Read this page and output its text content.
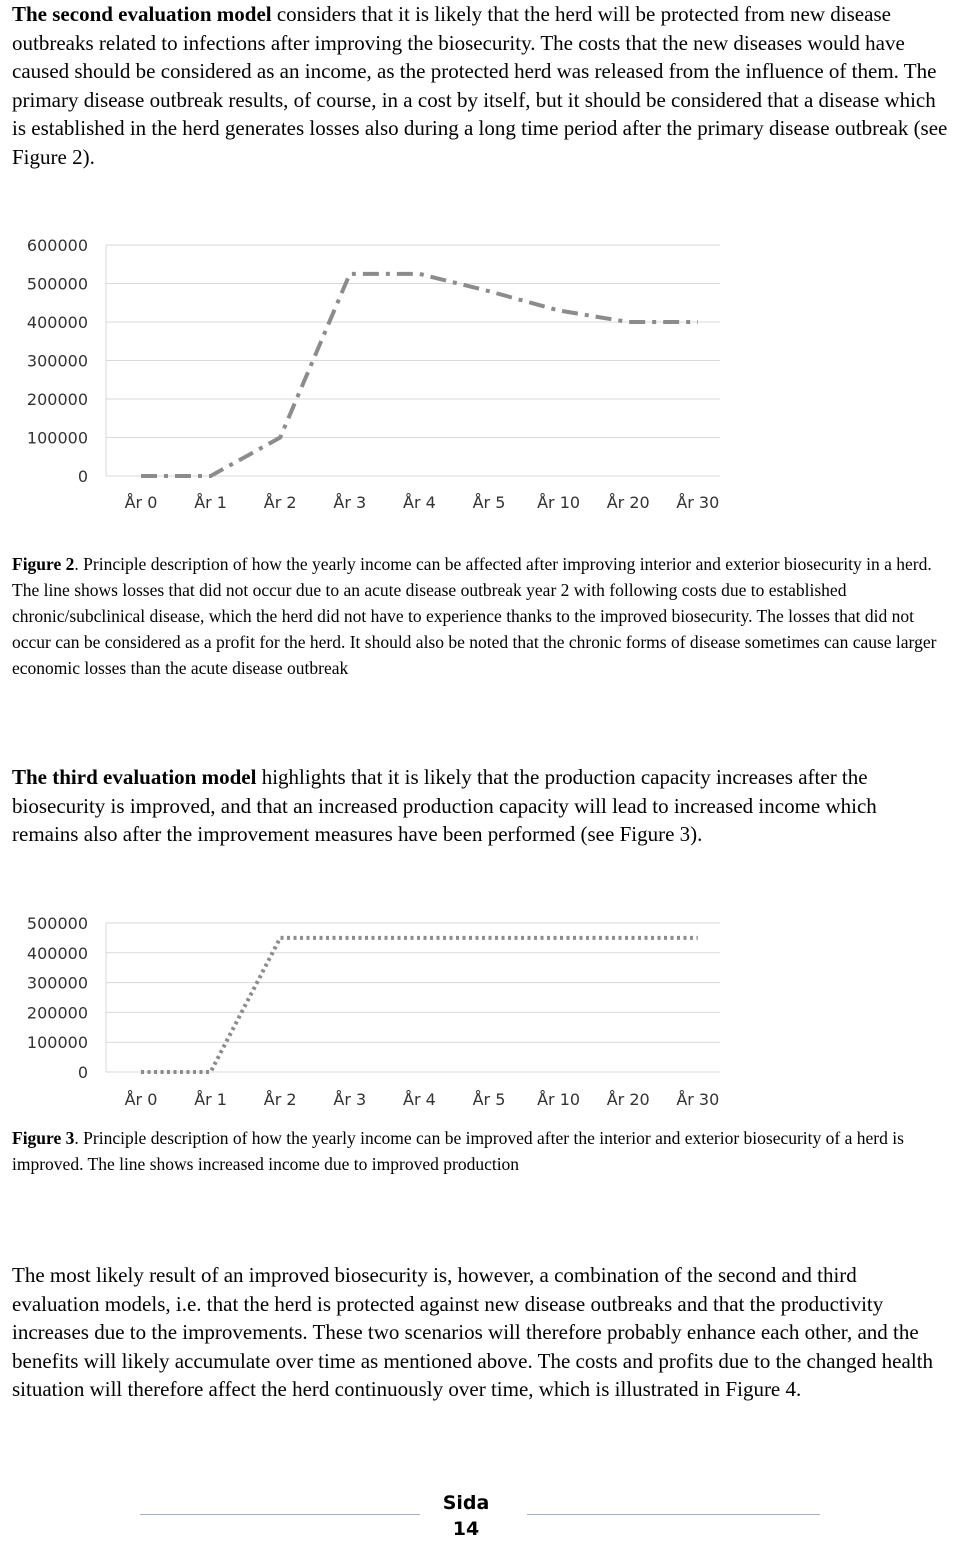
The second evaluation model considers that it is likely that the herd will be protected from new disease outbreaks related to infections after improving the biosecurity. The costs that the new diseases would have caused should be considered as an income, as the protected herd was released from the influence of them. The primary disease outbreak results, of course, in a cost by itself, but it should be considered that a disease which is established in the herd generates losses also during a long time period after the primary disease outbreak (see Figure 2).

0
100000
200000
300000
400000
500000
600000
År 0 År 1 År 2 År 3 År 4 År 5 År 10 År 20 År 30

Figure 2. Principle description of how the yearly income can be affected after improving interior and exterior biosecurity in a herd. The line shows losses that did not occur due to an acute disease outbreak year 2 with following costs due to established chronic/subclinical disease, which the herd did not have to experience thanks to the improved biosecurity. The losses that did not occur can be considered as a profit for the herd. It should also be noted that the chronic forms of disease sometimes can cause larger economic losses than the acute disease outbreak

The third evaluation model highlights that it is likely that the production capacity increases after the biosecurity is improved, and that an increased production capacity will lead to increased income which remains also after the improvement measures have been performed (see Figure 3).

0
100000
200000
300000
400000
500000
År 0 År 1 År 2 År 3 År 4 År 5 År 10 År 20 År 30

Figure 3. Principle description of how the yearly income can be improved after the interior and exterior biosecurity of a herd is improved. The line shows increased income due to improved production

The most likely result of an improved biosecurity is, however, a combination of the second and third evaluation models, i.e. that the herd is protected against new disease outbreaks and that the productivity increases due to the improvements. These two scenarios will therefore probably enhance each other, and the benefits will likely accumulate over time as mentioned above. The costs and profits due to the changed health situation will therefore affect the herd continuously over time, which is illustrated in Figure 4.

Sida 14
